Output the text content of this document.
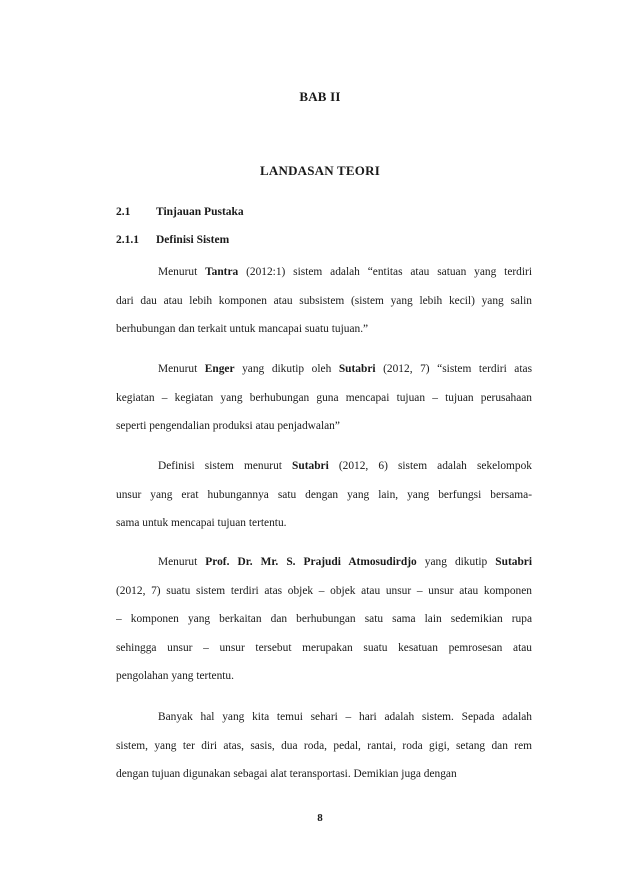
BAB II
LANDASAN TEORI
2.1 Tinjauan Pustaka
2.1.1 Definisi Sistem
Menurut Tantra (2012:1) sistem adalah “entitas atau satuan yang terdiri
dari dau atau lebih komponen atau subsistem (sistem yang lebih kecil) yang salin
berhubungan dan terkait untuk mancapai suatu tujuan.”
Menurut Enger yang dikutip oleh Sutabri (2012, 7) “sistem terdiri atas
kegiatan – kegiatan yang berhubungan guna mencapai tujuan – tujuan perusahaan
seperti pengendalian produksi atau penjadwalan”
Definisi sistem menurut Sutabri (2012, 6) sistem adalah sekelompok
unsur yang erat hubungannya satu dengan yang lain, yang berfungsi bersama-
sama untuk mencapai tujuan tertentu.
Menurut Prof. Dr. Mr. S. Prajudi Atmosudirdjo yang dikutip Sutabri
(2012, 7) suatu sistem terdiri atas objek – objek atau unsur – unsur atau komponen
– komponen yang berkaitan dan berhubungan satu sama lain sedemikian rupa
sehingga unsur – unsur tersebut merupakan suatu kesatuan pemrosesan atau
pengolahan yang tertentu.
Banyak hal yang kita temui sehari – hari adalah sistem. Sepada adalah
sistem, yang ter diri atas, sasis, dua roda, pedal, rantai, roda gigi, setang dan rem
dengan tujuan digunakan sebagai alat teransportasi. Demikian juga dengan
8
